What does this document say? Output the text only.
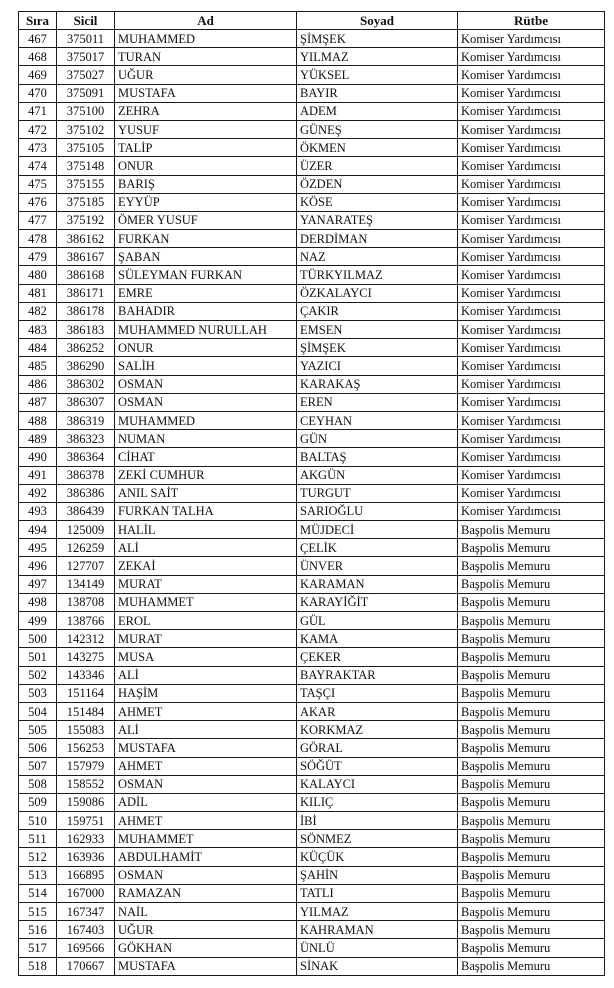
Sıra	Sicil	Ad	Soyad	Rütbe
467	375011	MUHAMMED	ŞİMŞEK	Komiser Yardımcısı
468	375017	TURAN	YILMAZ	Komiser Yardımcısı
469	375027	UĞUR	YÜKSEL	Komiser Yardımcısı
470	375091	MUSTAFA	BAYIR	Komiser Yardımcısı
471	375100	ZEHRA	ADEM	Komiser Yardımcısı
472	375102	YUSUF	GÜNEŞ	Komiser Yardımcısı
473	375105	TALİP	ÖKMEN	Komiser Yardımcısı
474	375148	ONUR	ÜZER	Komiser Yardımcısı
475	375155	BARIŞ	ÖZDEN	Komiser Yardımcısı
476	375185	EYYÜP	KÖSE	Komiser Yardımcısı
477	375192	ÖMER YUSUF	YANARATEŞ	Komiser Yardımcısı
478	386162	FURKAN	DERDİMAN	Komiser Yardımcısı
479	386167	ŞABAN	NAZ	Komiser Yardımcısı
480	386168	SÜLEYMAN FURKAN	TÜRKYILMAZ	Komiser Yardımcısı
481	386171	EMRE	ÖZKALAYCI	Komiser Yardımcısı
482	386178	BAHADIR	ÇAKIR	Komiser Yardımcısı
483	386183	MUHAMMED NURULLAH	EMSEN	Komiser Yardımcısı
484	386252	ONUR	ŞİMŞEK	Komiser Yardımcısı
485	386290	SALİH	YAZICI	Komiser Yardımcısı
486	386302	OSMAN	KARAKAŞ	Komiser Yardımcısı
487	386307	OSMAN	EREN	Komiser Yardımcısı
488	386319	MUHAMMED	CEYHAN	Komiser Yardımcısı
489	386323	NUMAN	GÜN	Komiser Yardımcısı
490	386364	CİHAT	BALTAŞ	Komiser Yardımcısı
491	386378	ZEKİ CUMHUR	AKGÜN	Komiser Yardımcısı
492	386386	ANIL SAİT	TURGUT	Komiser Yardımcısı
493	386439	FURKAN TALHA	SARIOĞLU	Komiser Yardımcısı
494	125009	HALİL	MÜJDECİ	Başpolis Memuru
495	126259	ALİ	ÇELİK	Başpolis Memuru
496	127707	ZEKAİ	ÜNVER	Başpolis Memuru
497	134149	MURAT	KARAMAN	Başpolis Memuru
498	138708	MUHAMMET	KARAYİĞİT	Başpolis Memuru
499	138766	EROL	GÜL	Başpolis Memuru
500	142312	MURAT	KAMA	Başpolis Memuru
501	143275	MUSA	ÇEKER	Başpolis Memuru
502	143346	ALİ	BAYRAKTAR	Başpolis Memuru
503	151164	HAŞİM	TAŞÇI	Başpolis Memuru
504	151484	AHMET	AKAR	Başpolis Memuru
505	155083	ALİ	KORKMAZ	Başpolis Memuru
506	156253	MUSTAFA	GÖRAL	Başpolis Memuru
507	157979	AHMET	SÖĞÜT	Başpolis Memuru
508	158552	OSMAN	KALAYCI	Başpolis Memuru
509	159086	ADİL	KILIÇ	Başpolis Memuru
510	159751	AHMET	İBİ	Başpolis Memuru
511	162933	MUHAMMET	SÖNMEZ	Başpolis Memuru
512	163936	ABDULHAMİT	KÜÇÜK	Başpolis Memuru
513	166895	OSMAN	ŞAHİN	Başpolis Memuru
514	167000	RAMAZAN	TATLI	Başpolis Memuru
515	167347	NAİL	YILMAZ	Başpolis Memuru
516	167403	UĞUR	KAHRAMAN	Başpolis Memuru
517	169566	GÖKHAN	ÜNLÜ	Başpolis Memuru
518	170667	MUSTAFA	SİNAK	Başpolis Memuru
